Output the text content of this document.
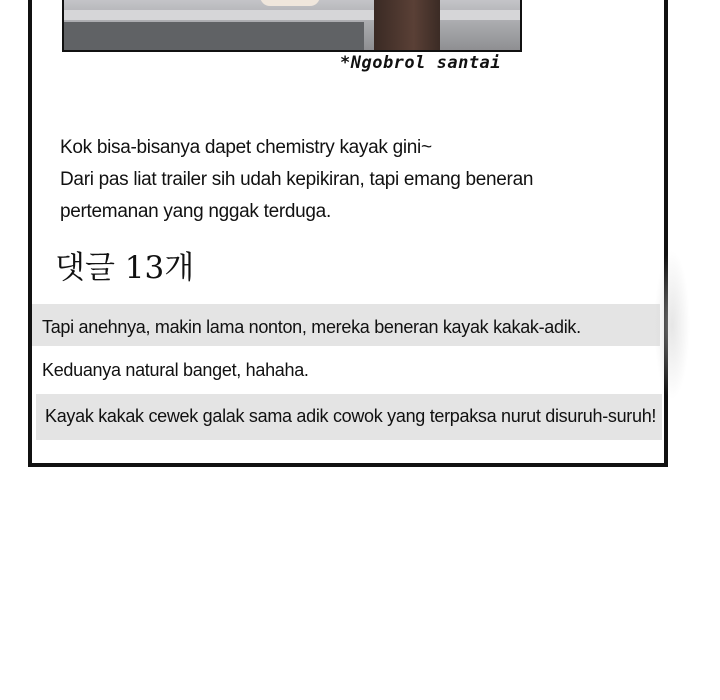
*Ngobrol santai
Kok bisa-bisanya dapet chemistry kayak gini~
Dari pas liat trailer sih udah kepikiran, tapi emang beneran
pertemanan yang nggak terduga.
댓글 13개
Tapi anehnya, makin lama nonton, mereka beneran kayak kakak-adik.
Keduanya natural banget, hahaha.
Kayak kakak cewek galak sama adik cowok yang terpaksa nurut disuruh-suruh!
